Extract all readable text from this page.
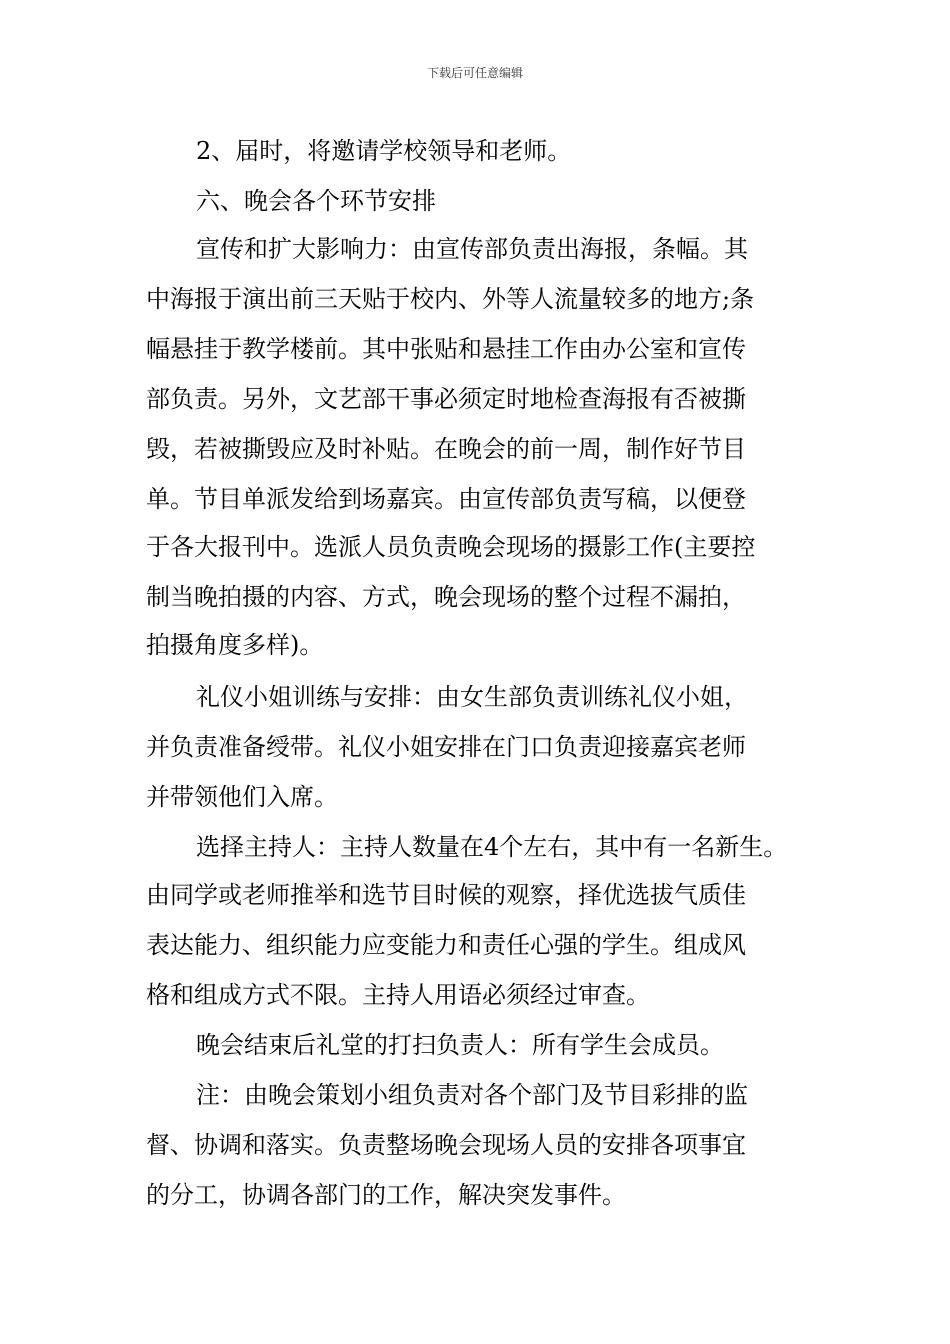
下载后可任意编辑
2、届时，将邀请学校领导和老师。
六、晚会各个环节安排
宣传和扩大影响力：由宣传部负责出海报，条幅。其
中海报于演出前三天贴于校内、外等人流量较多的地方;条
幅悬挂于教学楼前。其中张贴和悬挂工作由办公室和宣传
部负责。另外，文艺部干事必须定时地检查海报有否被撕
毁，若被撕毁应及时补贴。在晚会的前一周，制作好节目
单。节目单派发给到场嘉宾。由宣传部负责写稿，以便登
于各大报刊中。选派人员负责晚会现场的摄影工作(主要控
制当晚拍摄的内容、方式，晚会现场的整个过程不漏拍，
拍摄角度多样)。
礼仪小姐训练与安排：由女生部负责训练礼仪小姐，
并负责准备绶带。礼仪小姐安排在门口负责迎接嘉宾老师
并带领他们入席。
选择主持人：主持人数量在4个左右，其中有一名新生。
由同学或老师推举和选节目时候的观察，择优选拔气质佳
表达能力、组织能力应变能力和责任心强的学生。组成风
格和组成方式不限。主持人用语必须经过审查。
晚会结束后礼堂的打扫负责人：所有学生会成员。
注：由晚会策划小组负责对各个部门及节目彩排的监
督、协调和落实。负责整场晚会现场人员的安排各项事宜
的分工，协调各部门的工作，解决突发事件。
